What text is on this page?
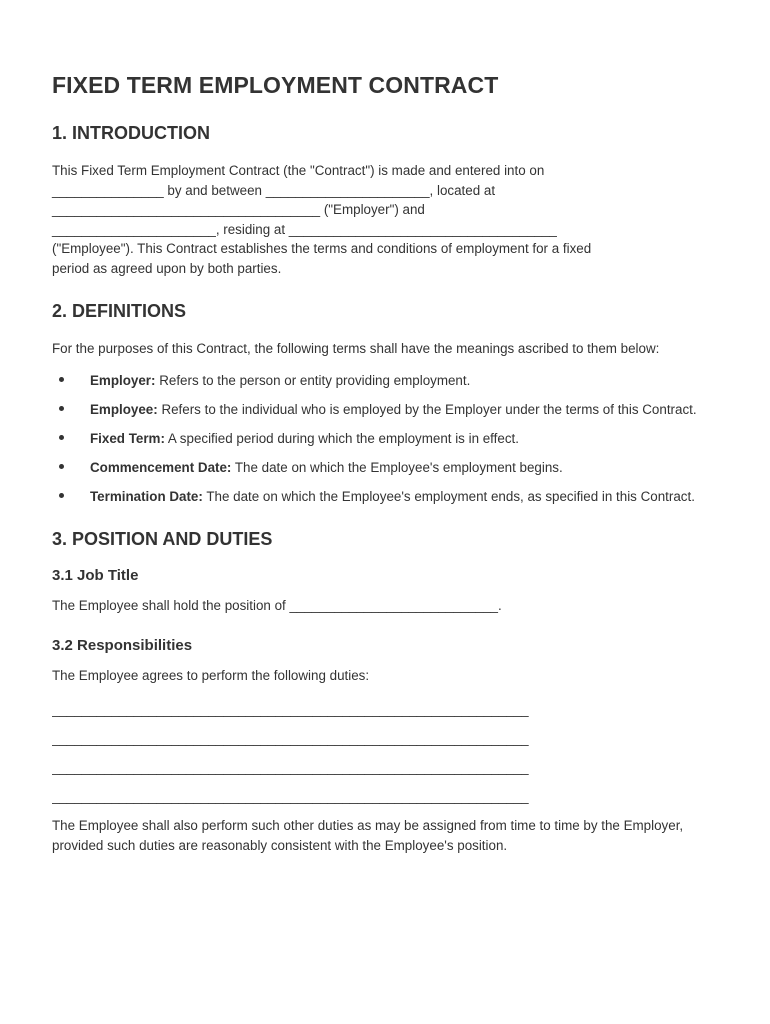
FIXED TERM EMPLOYMENT CONTRACT
1. INTRODUCTION

This Fixed Term Employment Contract (the "Contract") is made and entered into on
_______________ by and between ______________________, located at
____________________________________ ("Employer") and
______________________, residing at ____________________________________
("Employee"). This Contract establishes the terms and conditions of employment for a fixed
period as agreed upon by both parties.

2. DEFINITIONS

For the purposes of this Contract, the following terms shall have the meanings ascribed to them below:

Employer: Refers to the person or entity providing employment.
Employee: Refers to the individual who is employed by the Employer under the terms of this Contract.
Fixed Term: A specified period during which the employment is in effect.
Commencement Date: The date on which the Employee's employment begins.
Termination Date: The date on which the Employee's employment ends, as specified in this Contract.
3. POSITION AND DUTIES
3.1 Job Title

The Employee shall hold the position of ____________________________.

3.2 Responsibilities

The Employee agrees to perform the following duties:

________________________________________________________________
________________________________________________________________
________________________________________________________________
________________________________________________________________

The Employee shall also perform such other duties as may be assigned from time to time by the Employer, provided such duties are reasonably consistent with the Employee's position.
